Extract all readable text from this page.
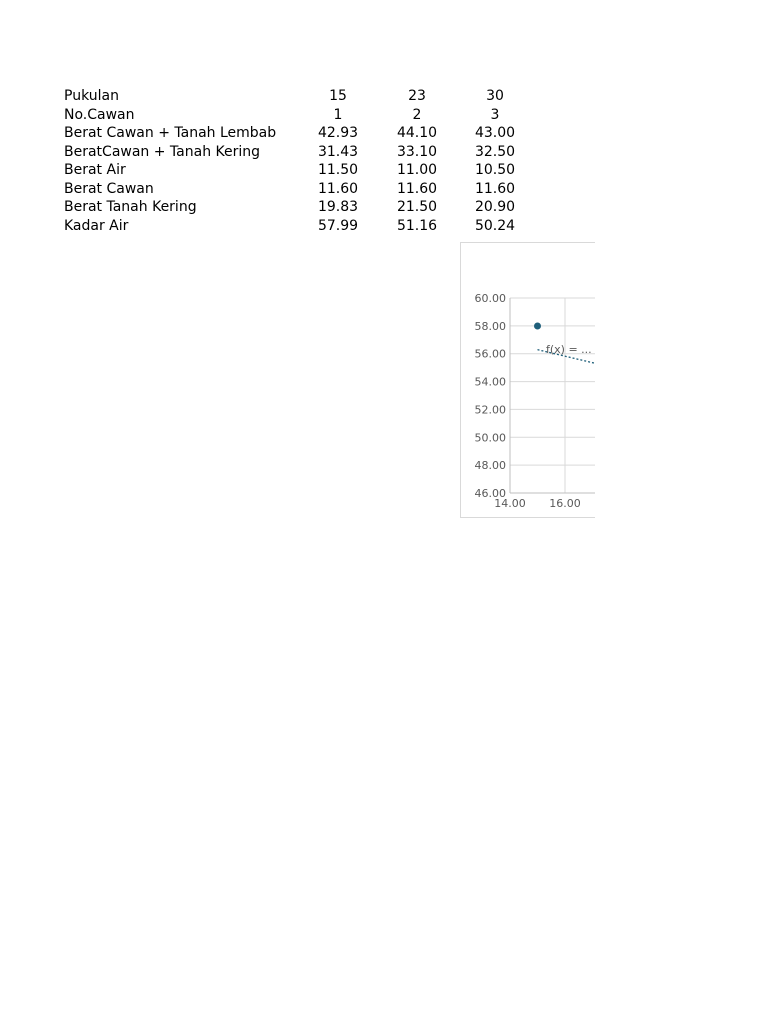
Pukulan	15	23	30
No.Cawan	1	2	3
Berat Cawan + Tanah Lembab	42.93	44.10	43.00
BeratCawan + Tanah Kering	31.43	33.10	32.50
Berat Air	11.50	11.00	10.50
Berat Cawan	11.60	11.60	11.60
Berat Tanah Kering	19.83	21.50	20.90
Kadar Air	57.99	51.16	50.24
46.00
48.00
50.00
52.00
54.00
56.00
58.00
60.00
14.00 16.00
f(x) = ...
